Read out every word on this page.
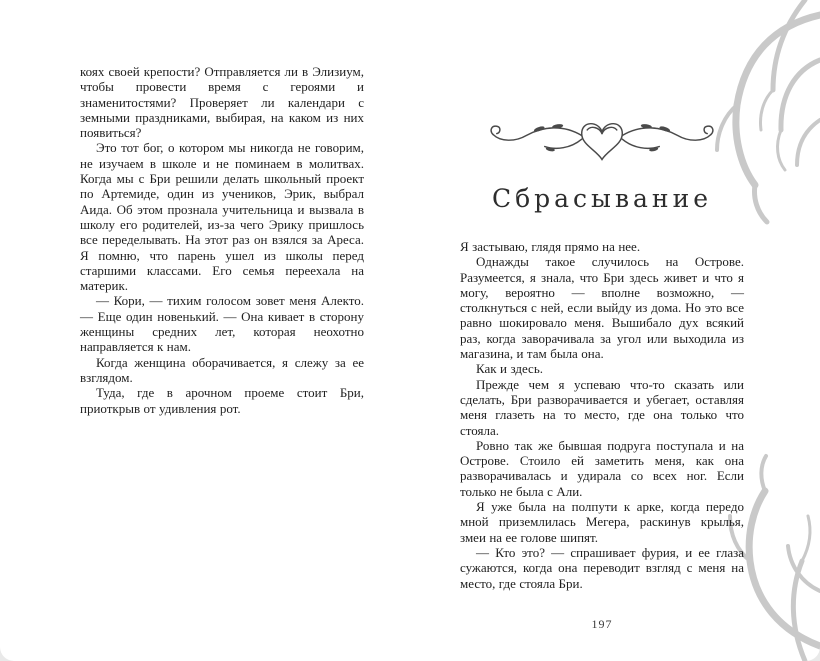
коях своей крепости? Отправляется ли в Элизиум, чтобы провести время с героями и знаменитостями? Проверяет ли календари с земными праздниками, выбирая, на каком из них появиться?

Это тот бог, о котором мы никогда не говорим, не изучаем в школе и не поминаем в молитвах. Когда мы с Бри решили делать школьный проект по Артемиде, один из учеников, Эрик, выбрал Аида. Об этом прознала учительница и вызвала в школу его родителей, из-за чего Эрику пришлось все переделывать. На этот раз он взялся за Ареса. Я помню, что парень ушел из школы перед старшими классами. Его семья переехала на материк.

— Кори, — тихим голосом зовет меня Алекто. — Еще один новенький. — Она кивает в сторону женщины средних лет, которая неохотно направляется к нам.

Когда женщина оборачивается, я слежу за ее взглядом.

Туда, где в арочном проеме стоит Бри, приоткрыв от удивления рот.

Сбрасывание

Я застываю, глядя прямо на нее.

Однажды такое случилось на Острове. Разумеется, я знала, что Бри здесь живет и что я могу, вероятно — вполне возможно, — столкнуться с ней, если выйду из дома. Но это все равно шокировало меня. Вышибало дух всякий раз, когда заворачивала за угол или выходила из магазина, и там была она.

Как и здесь.

Прежде чем я успеваю что-то сказать или сделать, Бри разворачивается и убегает, оставляя меня глазеть на то место, где она только что стояла.

Ровно так же бывшая подруга поступала и на Острове. Стоило ей заметить меня, как она разворачивалась и удирала со всех ног. Если только не была с Али.

Я уже была на полпути к арке, когда передо мной приземлилась Мегера, раскинув крылья, змеи на ее голове шипят.

— Кто это? — спрашивает фурия, и ее глаза сужаются, когда она переводит взгляд с меня на место, где стояла Бри.

197
